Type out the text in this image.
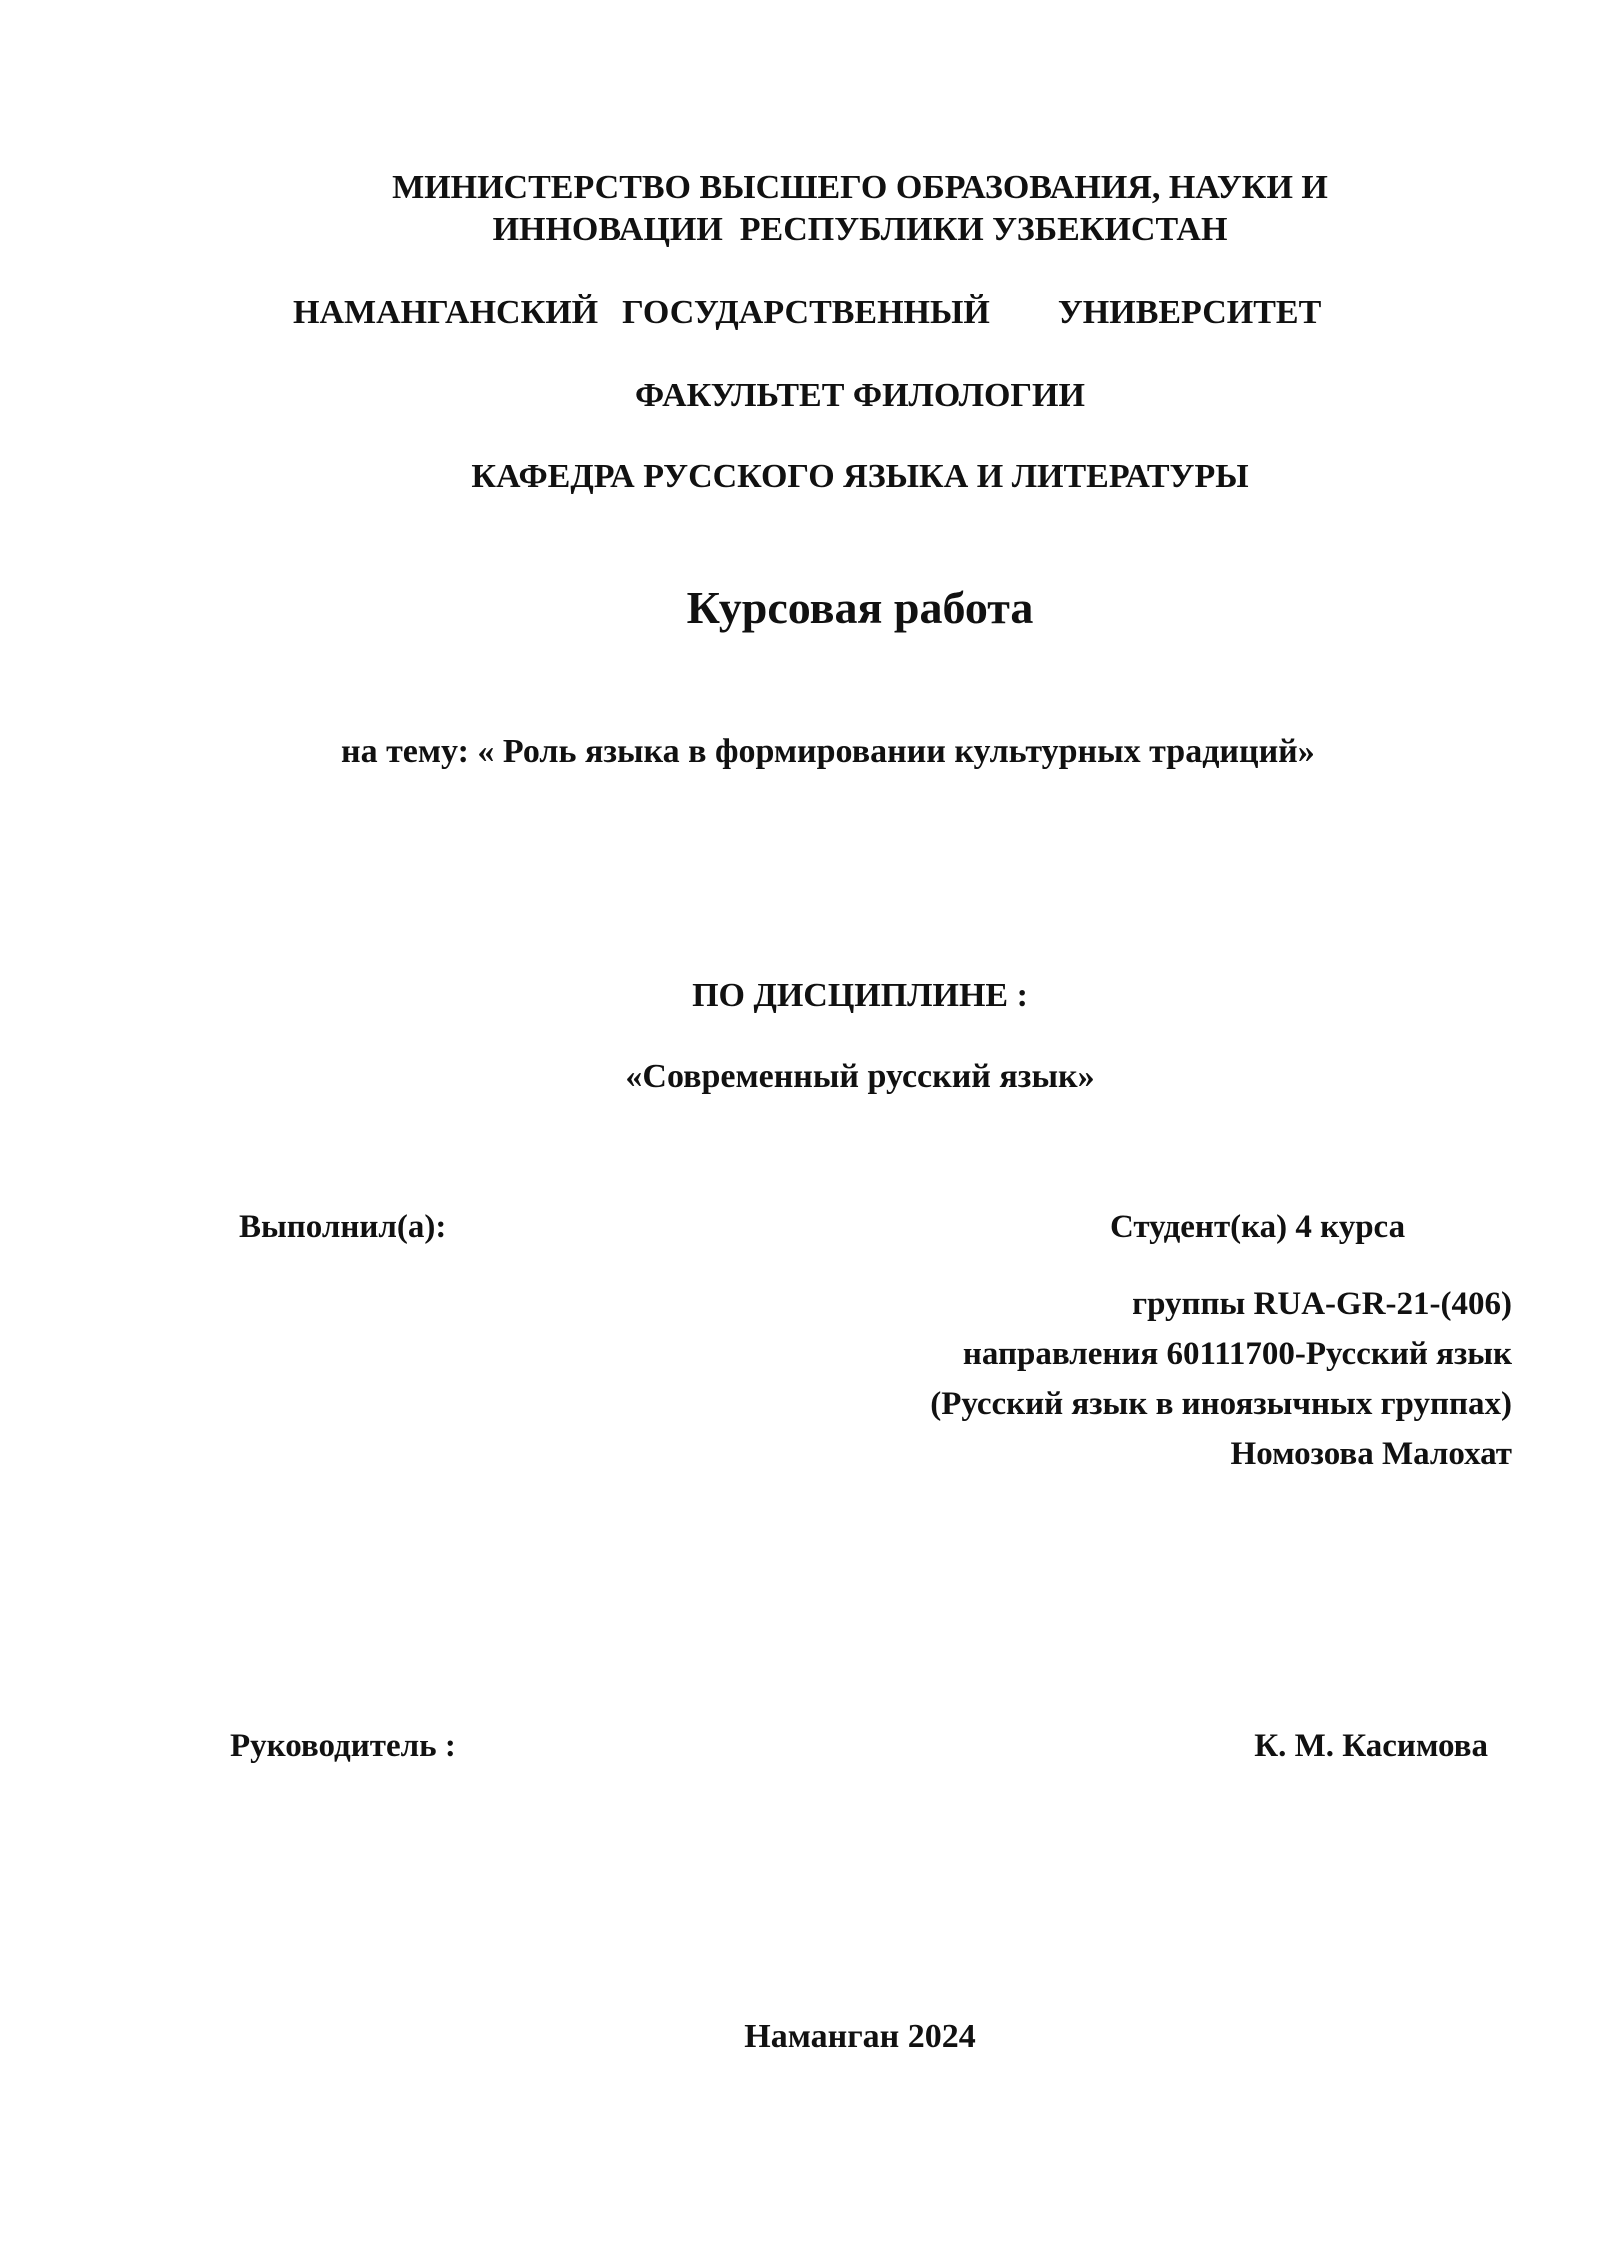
МИНИСТЕРСТВО ВЫСШЕГО ОБРАЗОВАНИЯ, НАУКИ И
ИННОВАЦИИ  РЕСПУБЛИКИ УЗБЕКИСТАН
НАМАНГАНСКИЙ ГОСУДАРСТВЕННЫЙ УНИВЕРСИТЕТ
ФАКУЛЬТЕТ ФИЛОЛОГИИ
КАФЕДРА РУССКОГО ЯЗЫКА И ЛИТЕРАТУРЫ
Курсовая работа
на тему: « Роль языка в формировании культурных традиций»
ПО ДИСЦИПЛИНЕ :
«Современный русский язык»
Выполнил(а):	Студент(ка) 4 курса
группы RUA-GR-21-(406)
направления 60111700-Русский язык
(Русский язык в иноязычных группах)
Номозова Малохат
Руководитель :	К. М. Касимова
Наманган 2024
